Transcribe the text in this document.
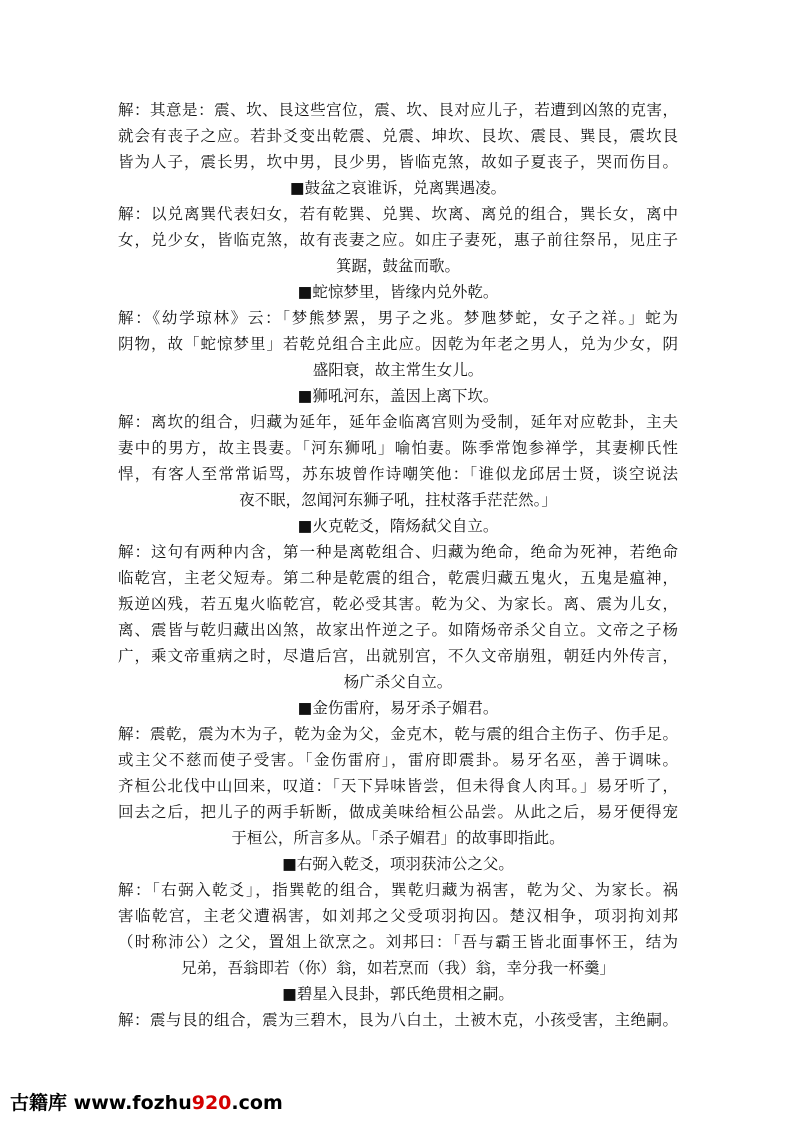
解：其意是：震、坎、艮这些宫位，震、坎、艮对应儿子，若遭到凶煞的克害，
就会有丧子之应。若卦爻变出乾震、兑震、坤坎、艮坎、震艮、巽艮，震坎艮
皆为人子，震长男，坎中男，艮少男，皆临克煞，故如子夏丧子，哭而伤目。
■鼓盆之哀谁诉，兑离巽遇凌。
解：以兑离巽代表妇女，若有乾巽、兑巽、坎离、离兑的组合，巽长女，离中
女，兑少女，皆临克煞，故有丧妻之应。如庄子妻死，惠子前往祭吊，见庄子
箕踞，鼓盆而歌。
■蛇惊梦里，皆缘内兑外乾。
解：《幼学琼林》云：「梦熊梦罴，男子之兆。梦虺梦蛇，女子之祥。」蛇为
阴物，故「蛇惊梦里」若乾兑组合主此应。因乾为年老之男人，兑为少女，阴
盛阳衰，故主常生女儿。
■狮吼河东，盖因上离下坎。
解：离坎的组合，归藏为延年，延年金临离宫则为受制，延年对应乾卦，主夫
妻中的男方，故主畏妻。「河东狮吼」喻怕妻。陈季常饱参禅学，其妻柳氏性
悍，有客人至常常诟骂，苏东坡曾作诗嘲笑他：「谁似龙邱居士贤，谈空说法
夜不眠，忽闻河东狮子吼，拄杖落手茫茫然。」
■火克乾爻，隋炀弑父自立。
解：这句有两种内含，第一种是离乾组合、归藏为绝命，绝命为死神，若绝命
临乾宫，主老父短寿。第二种是乾震的组合，乾震归藏五鬼火，五鬼是瘟神，
叛逆凶残，若五鬼火临乾宫，乾必受其害。乾为父、为家长。离、震为儿女，
离、震皆与乾归藏出凶煞，故家出忤逆之子。如隋炀帝杀父自立。文帝之子杨
广，乘文帝重病之时，尽遣后宫，出就别宫，不久文帝崩殂，朝廷内外传言，
杨广杀父自立。
■金伤雷府，易牙杀子媚君。
解：震乾，震为木为子，乾为金为父，金克木，乾与震的组合主伤子、伤手足。
或主父不慈而使子受害。「金伤雷府」，雷府即震卦。易牙名巫，善于调味。
齐桓公北伐中山回来，叹道：「天下异味皆尝，但未得食人肉耳。」易牙听了，
回去之后，把儿子的两手斩断，做成美味给桓公品尝。从此之后，易牙便得宠
于桓公，所言多从。「杀子媚君」的故事即指此。
■右弼入乾爻，项羽获沛公之父。
解：「右弼入乾爻」，指巽乾的组合，巽乾归藏为祸害，乾为父、为家长。祸
害临乾宫，主老父遭祸害，如刘邦之父受项羽拘囚。楚汉相争，项羽拘刘邦
（时称沛公）之父，置俎上欲烹之。刘邦曰：「吾与霸王皆北面事怀王，结为
兄弟，吾翁即若（你）翁，如若烹而（我）翁，幸分我一杯羹」
■碧星入艮卦，郭氏绝贯相之嗣。
解：震与艮的组合，震为三碧木，艮为八白土，土被木克，小孩受害，主绝嗣。
古籍库 www.fozhu920.com
